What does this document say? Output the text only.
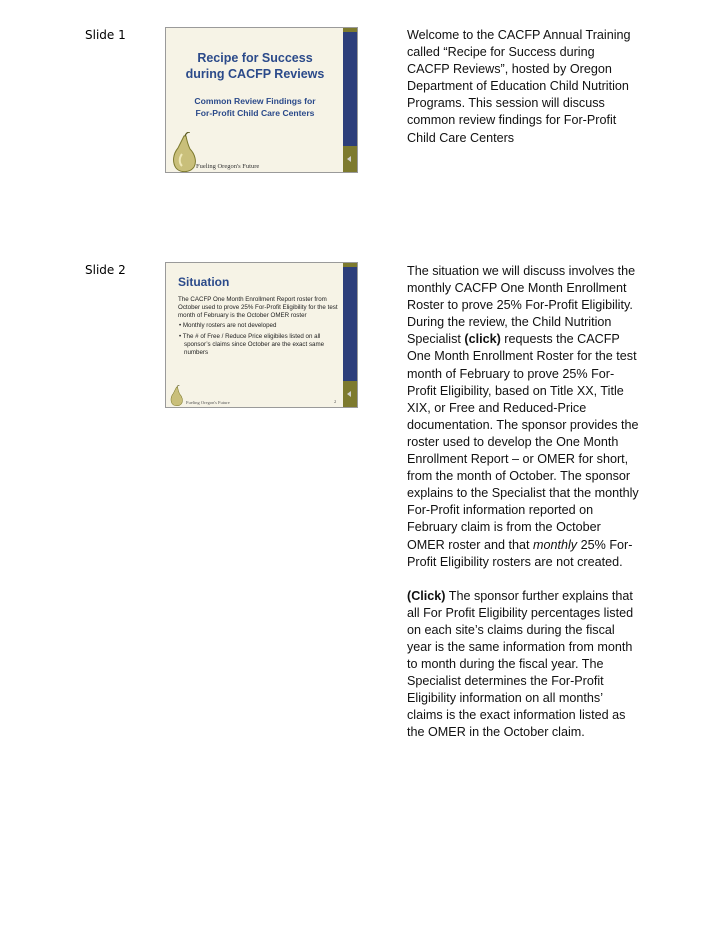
Slide 1
Recipe for Success
during CACFP Reviews
Common Review Findings for
For-Profit Child Care Centers
Fueling Oregon's Future

Welcome to the CACFP Annual Training called “Recipe for Success during CACFP Reviews”, hosted by Oregon Department of Education Child Nutrition Programs. This session will discuss common review findings for For-Profit Child Care Centers

Slide 2
Situation

The CACFP One Month Enrollment Report roster from October used to prove 25% For-Profit Eligibility for the test month of February is the October OMER roster

• Monthly rosters are not developed

• The # of Free / Reduce Price eligibiles listed on all sponsor’s claims since October are the exact same numbers

Fueling Oregon's Future	2

The situation we will discuss involves the monthly CACFP One Month Enrollment Roster to prove 25% For-Profit Eligibility. During the review, the Child Nutrition Specialist (click) requests the CACFP One Month Enrollment Roster for the test month of February to prove 25% For-Profit Eligibility, based on Title XX, Title XIX, or Free and Reduced-Price documentation. The sponsor provides the roster used to develop the One Month Enrollment Report – or OMER for short, from the month of October. The sponsor explains to the Specialist that the monthly For-Profit information reported on February claim is from the October OMER roster and that monthly 25% For-Profit Eligibility rosters are not created.

(Click) The sponsor further explains that all For Profit Eligibility percentages listed on each site’s claims during the fiscal year is the same information from month to month during the fiscal year. The Specialist determines the For-Profit Eligibility information on all months’ claims is the exact information listed as the OMER in the October claim.
